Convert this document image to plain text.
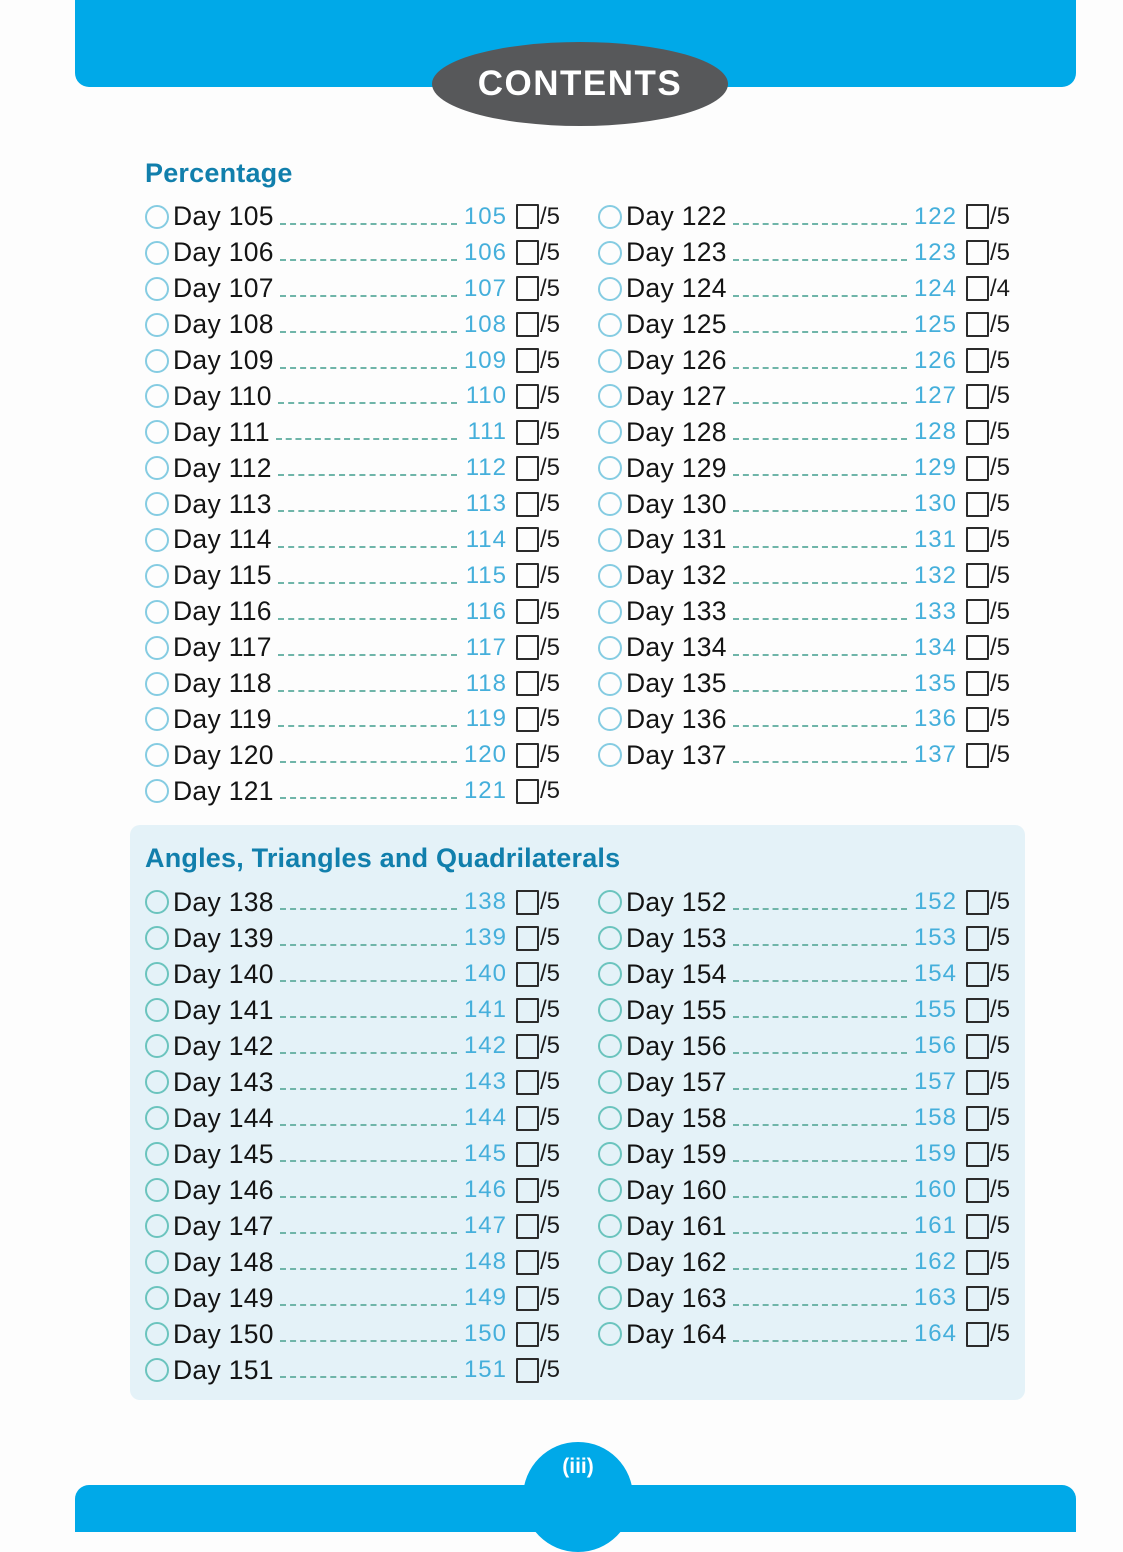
CONTENTS
Percentage
Day 105	105 /5
Day 106	106 /5
Day 107	107 /5
Day 108	108 /5
Day 109	109 /5
Day 110	110 /5
Day 111	111 /5
Day 112	112 /5
Day 113	113 /5
Day 114	114 /5
Day 115	115 /5
Day 116	116 /5
Day 117	117 /5
Day 118	118 /5
Day 119	119 /5
Day 120	120 /5
Day 121	121 /5
Day 122	122 /5
Day 123	123 /5
Day 124	124 /4
Day 125	125 /5
Day 126	126 /5
Day 127	127 /5
Day 128	128 /5
Day 129	129 /5
Day 130	130 /5
Day 131	131 /5
Day 132	132 /5
Day 133	133 /5
Day 134	134 /5
Day 135	135 /5
Day 136	136 /5
Day 137	137 /5
Angles, Triangles and Quadrilaterals
Day 138	138 /5
Day 139	139 /5
Day 140	140 /5
Day 141	141 /5
Day 142	142 /5
Day 143	143 /5
Day 144	144 /5
Day 145	145 /5
Day 146	146 /5
Day 147	147 /5
Day 148	148 /5
Day 149	149 /5
Day 150	150 /5
Day 151	151 /5
Day 152	152 /5
Day 153	153 /5
Day 154	154 /5
Day 155	155 /5
Day 156	156 /5
Day 157	157 /5
Day 158	158 /5
Day 159	159 /5
Day 160	160 /5
Day 161	161 /5
Day 162	162 /5
Day 163	163 /5
Day 164	164 /5
(iii)
